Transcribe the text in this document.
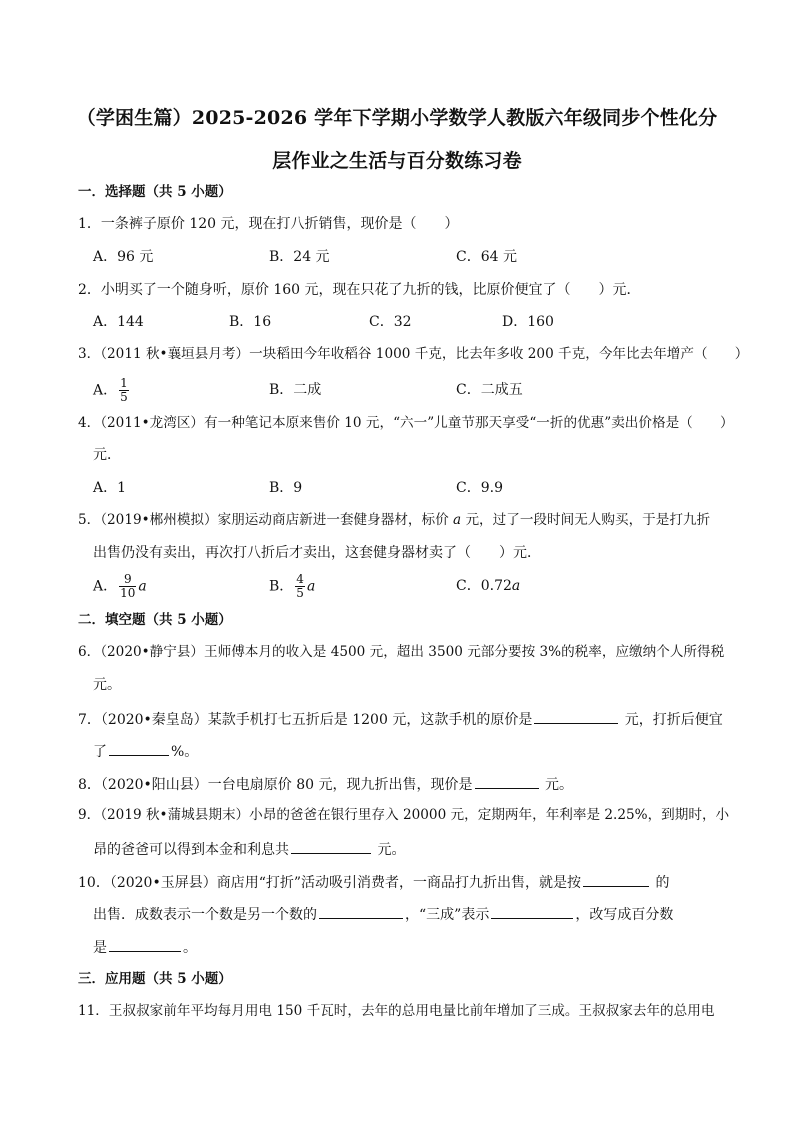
（学困生篇）2025-2026 学年下学期小学数学人教版六年级同步个性化分
层作业之生活与百分数练习卷
一．选择题（共 5 小题）
1．一条裤子原价 120 元，现在打八折销售，现价是（　　）
A．96 元	B．24 元	C．64 元
2．小明买了一个随身听，原价 160 元，现在只花了九折的钱，比原价便宜了（　　）元．
A．144	B．16	C．32	D．160
3．（2011 秋•襄垣县月考）一块稻田今年收稻谷 1000 千克，比去年多收 200 千克，今年比去年增产（　　）
A． $\frac{1}{5}$	B．二成	C．二成五
4．（2011•龙湾区）有一种笔记本原来售价 10 元，“六一”儿童节那天享受“一折的优惠”卖出价格是（　　）
元．
A．1	B．9	C．9.9
5．（2019•郴州模拟）家朋运动商店新进一套健身器材，标价 a 元，过了一段时间无人购买，于是打九折
出售仍没有卖出，再次打八折后才卖出，这套健身器材卖了（　　）元．
A． $\frac{9}{10}$ a	B． $\frac{4}{5}$ a	C．0.72a
二．填空题（共 5 小题）
6．（2020•静宁县）王师傅本月的收入是 4500 元，超出 3500 元部分要按 3%的税率，应缴纳个人所得税
元。
7．（2020•秦皇岛）某款手机打七五折后是 1200 元，这款手机的原价是	元，打折后便宜
了	%。
8．（2020•阳山县）一台电扇原价 80 元，现九折出售，现价是	元。
9．（2019 秋•蒲城县期末）小昂的爸爸在银行里存入 20000 元，定期两年，年利率是 2.25%，到期时，小
昂的爸爸可以得到本金和利息共	元。
10．（2020•玉屏县）商店用“打折”活动吸引消费者，一商品打九折出售，就是按	的
出售．成数表示一个数是另一个数的	，“三成”表示	，改写成百分数
是	。
三．应用题（共 5 小题）
11．王叔叔家前年平均每月用电 150 千瓦时，去年的总用电量比前年增加了三成。王叔叔家去年的总用电
